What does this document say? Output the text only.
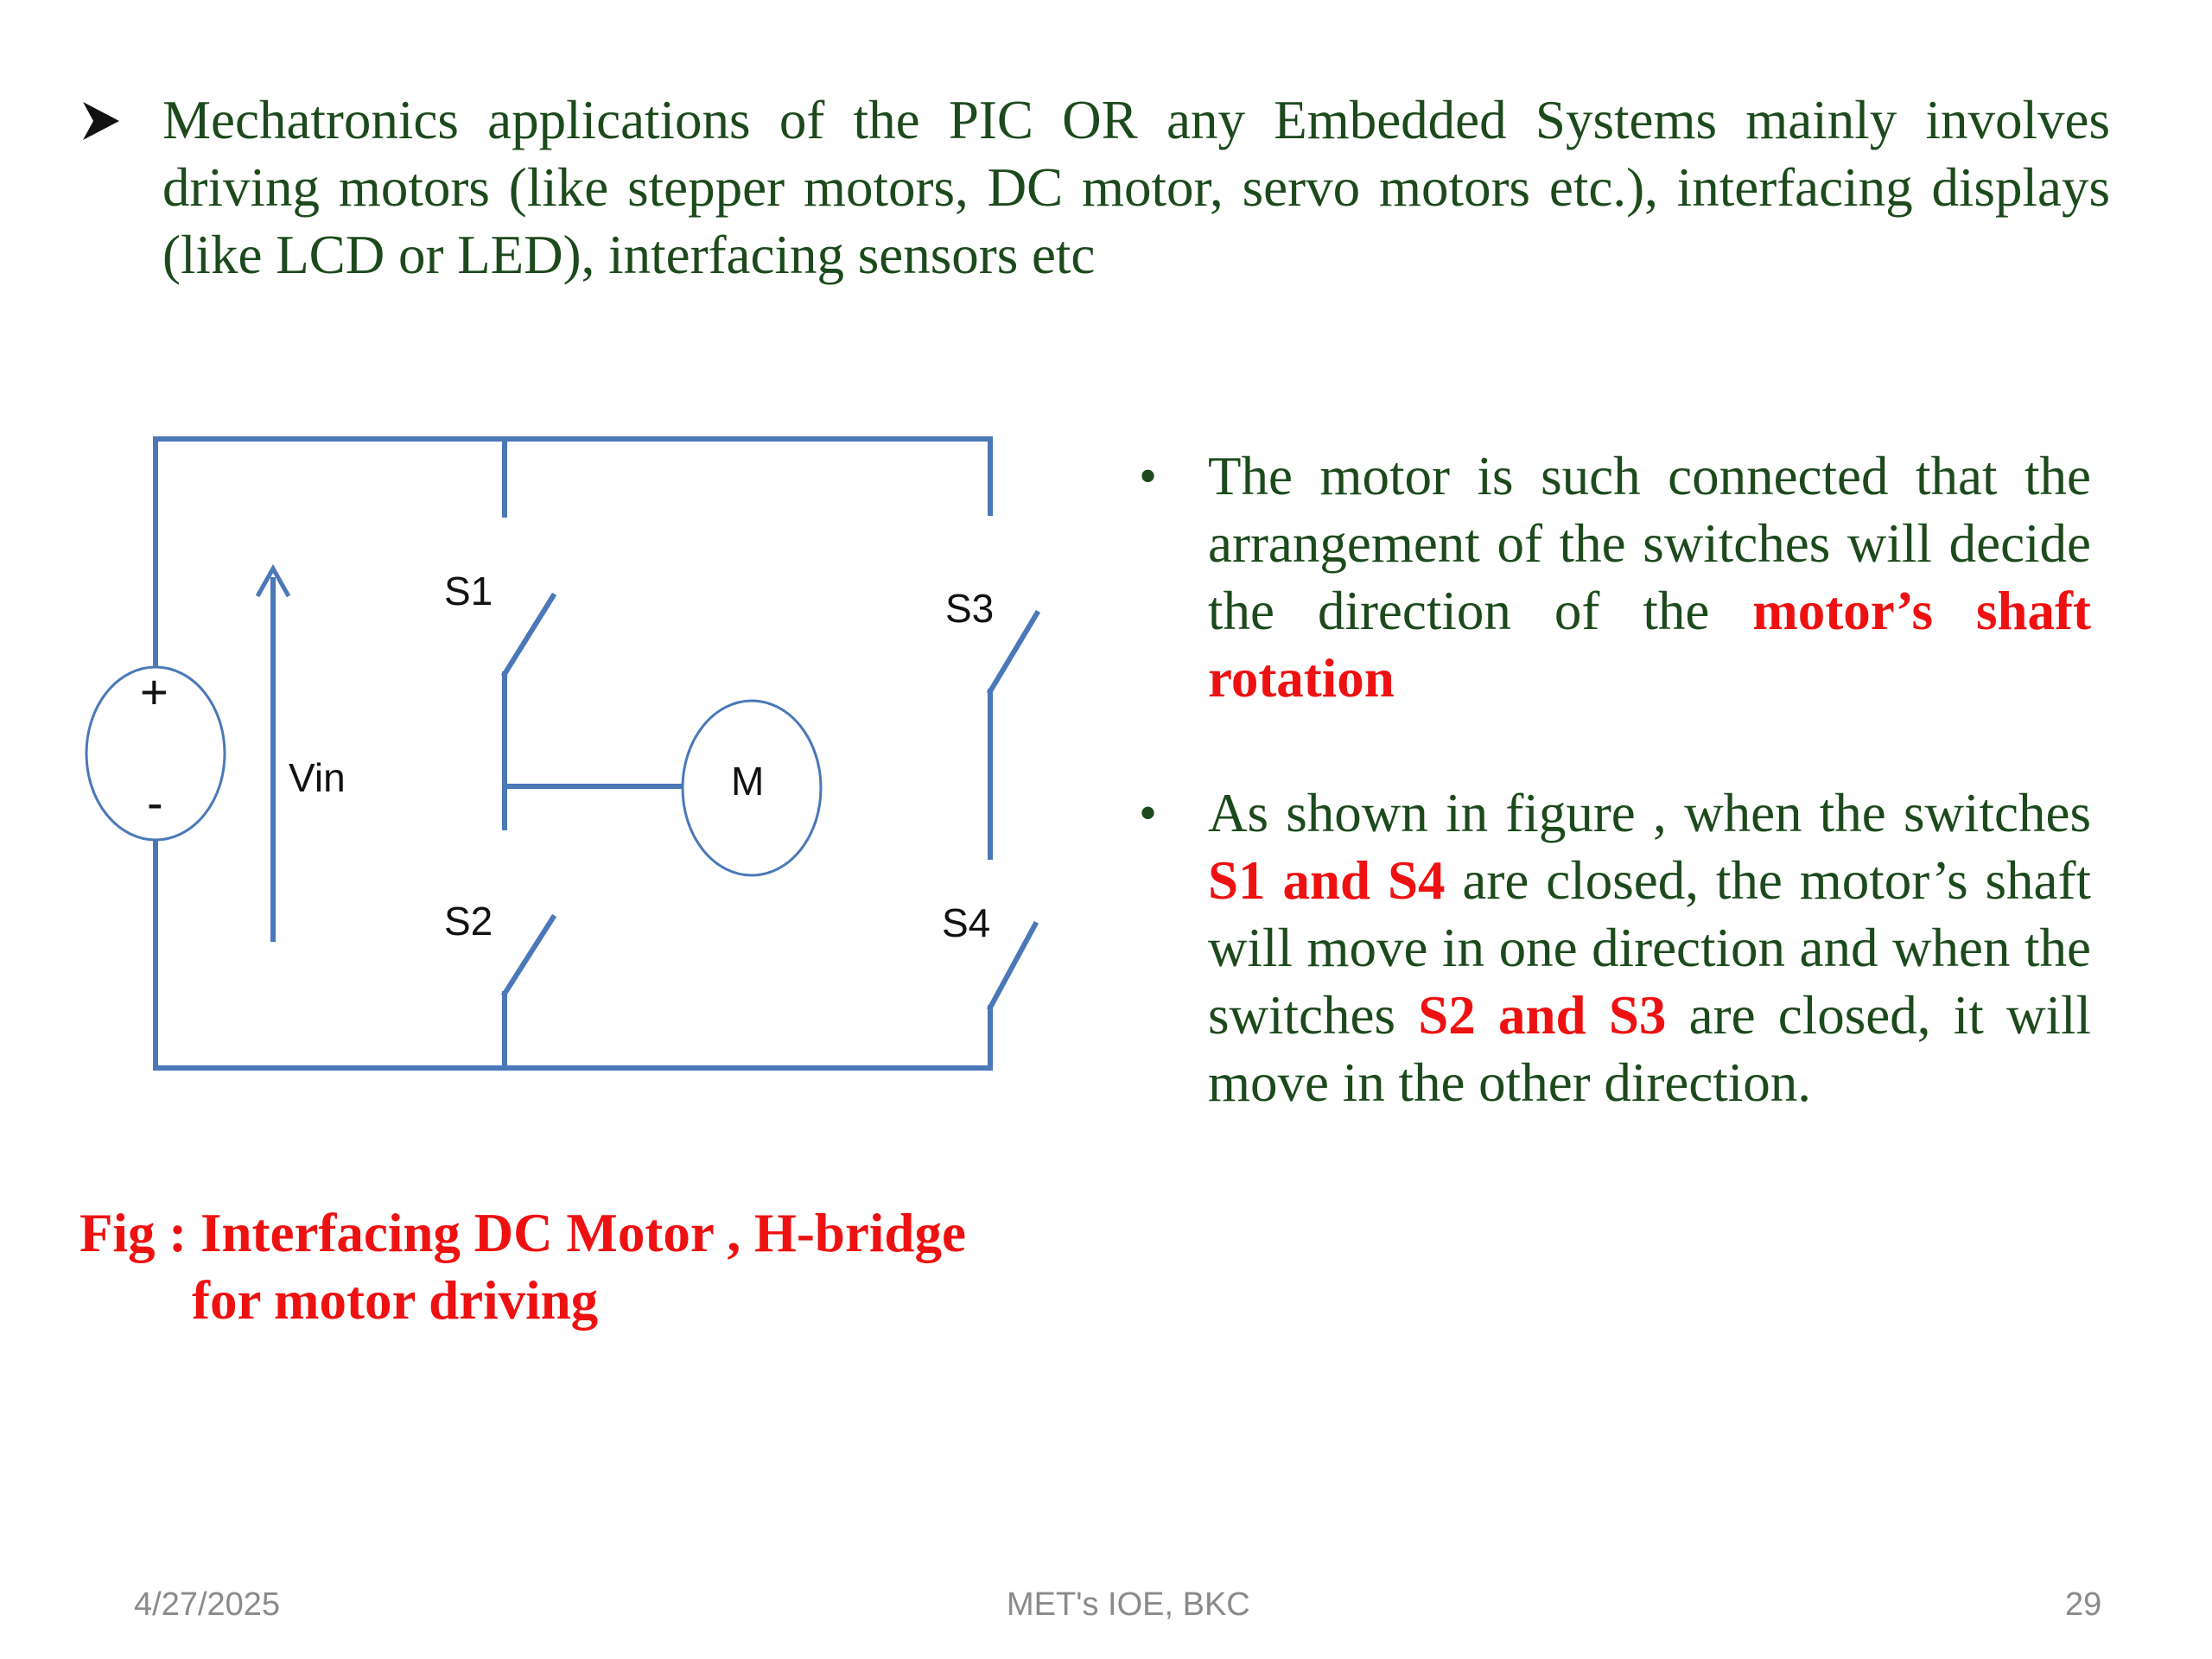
Mechatronics applications of the PIC OR any Embedded Systems mainly involves driving motors (like stepper motors, DC motor, servo motors etc.), interfacing displays (like LCD or LED), interfacing sensors etc
+
-	Vin	M
S1
S2
S3
S4
Fig : Interfacing DC Motor , H-bridge
for motor driving
• The motor is such connected that the arrangement of the switches will decide the direction of the motor’s shaft rotation
• As shown in figure , when the switches S1 and S4 are closed, the motor’s shaft will move in one direction and when the switches S2 and S3 are closed, it will move in the other direction.
4/27/2025	MET's IOE, BKC	29
